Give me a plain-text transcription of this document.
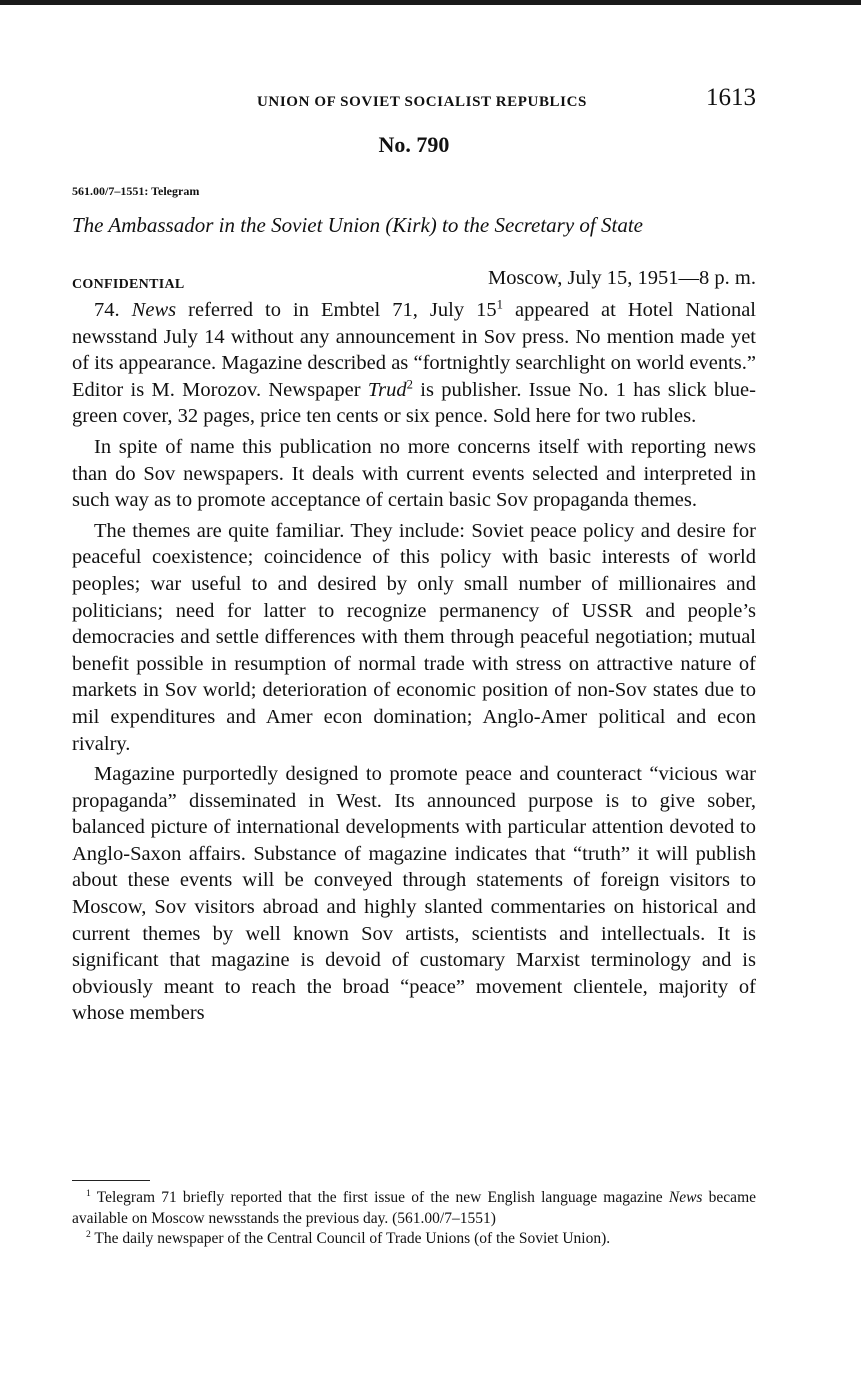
UNION OF SOVIET SOCIALIST REPUBLICS	1613
No. 790
561.00/7–1551: Telegram
The Ambassador in the Soviet Union (Kirk) to the Secretary of State
CONFIDENTIAL	Moscow, July 15, 1951—8 p. m.

74. News referred to in Embtel 71, July $15^1$ appeared at Hotel National newsstand July 14 without any announcement in Sov press. No mention made yet of its appearance. Magazine described as “fortnightly searchlight on world events.” Editor is M. Morozov. Newspaper Trud$^2$ is publisher. Issue No. 1 has slick blue-green cover, 32 pages, price ten cents or six pence. Sold here for two rubles.

In spite of name this publication no more concerns itself with reporting news than do Sov newspapers. It deals with current events selected and interpreted in such way as to promote acceptance of certain basic Sov propaganda themes.

The themes are quite familiar. They include: Soviet peace policy and desire for peaceful coexistence; coincidence of this policy with basic interests of world peoples; war useful to and desired by only small number of millionaires and politicians; need for latter to recognize permanency of USSR and people’s democracies and settle differences with them through peaceful negotiation; mutual benefit possible in resumption of normal trade with stress on attractive nature of markets in Sov world; deterioration of economic position of non-Sov states due to mil expenditures and Amer econ domination; Anglo-Amer political and econ rivalry.

Magazine purportedly designed to promote peace and counteract “vicious war propaganda” disseminated in West. Its announced purpose is to give sober, balanced picture of international developments with particular attention devoted to Anglo-Saxon affairs. Substance of magazine indicates that “truth” it will publish about these events will be conveyed through statements of foreign visitors to Moscow, Sov visitors abroad and highly slanted commentaries on historical and current themes by well known Sov artists, scientists and intellectuals. It is significant that magazine is devoid of customary Marxist terminology and is obviously meant to reach the broad “peace” movement clientele, majority of whose members

$^1$ Telegram 71 briefly reported that the first issue of the new English language magazine News became available on Moscow newsstands the previous day. (561.00/7–1551)

$^2$ The daily newspaper of the Central Council of Trade Unions (of the Soviet Union).
